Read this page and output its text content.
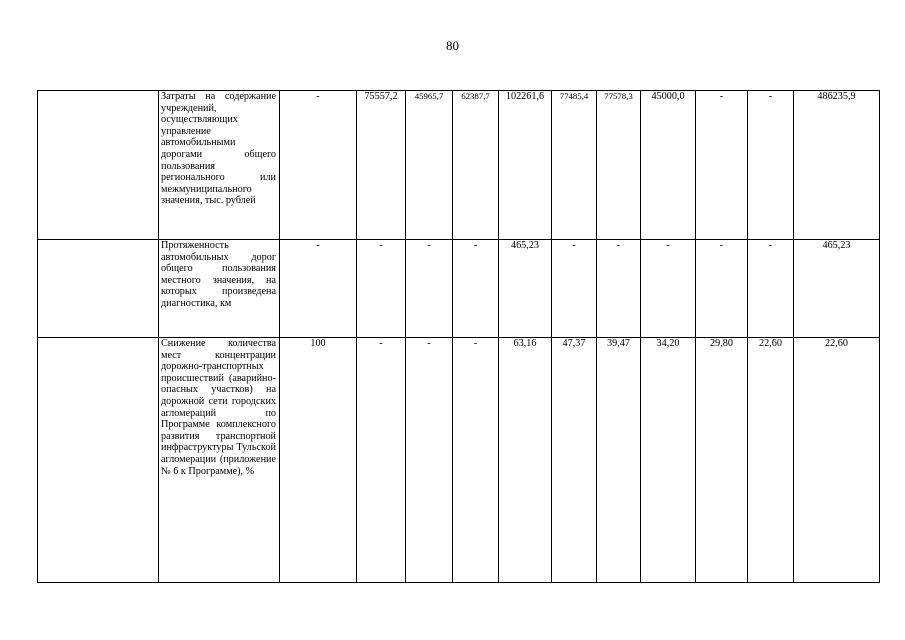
80
	Затраты на содержание учреждений, осуществляющих управление автомобильными дорогами общего пользования регионального или межмуниципального значения, тыс. рублей	-	75557,2	45965,7	62387,7	102261,6	77485,4	77578,3	45000,0	-	-	486235,9
	Протяженность автомобильных дорог общего пользования местного значения, на которых произведена диагностика, км	-	-	-	-	465,23	-	-	-	-	-	465,23
	Снижение количества мест концентрации дорожно-транспортных происшествий (аварийно-опасных участков) на дорожной сети городских агломераций по Программе комплексного развития транспортной инфраструктуры Тульской агломерации (приложение № 6 к Программе), %	100	-	-	-	63,16	47,37	39,47	34,20	29,80	22,60	22,60
